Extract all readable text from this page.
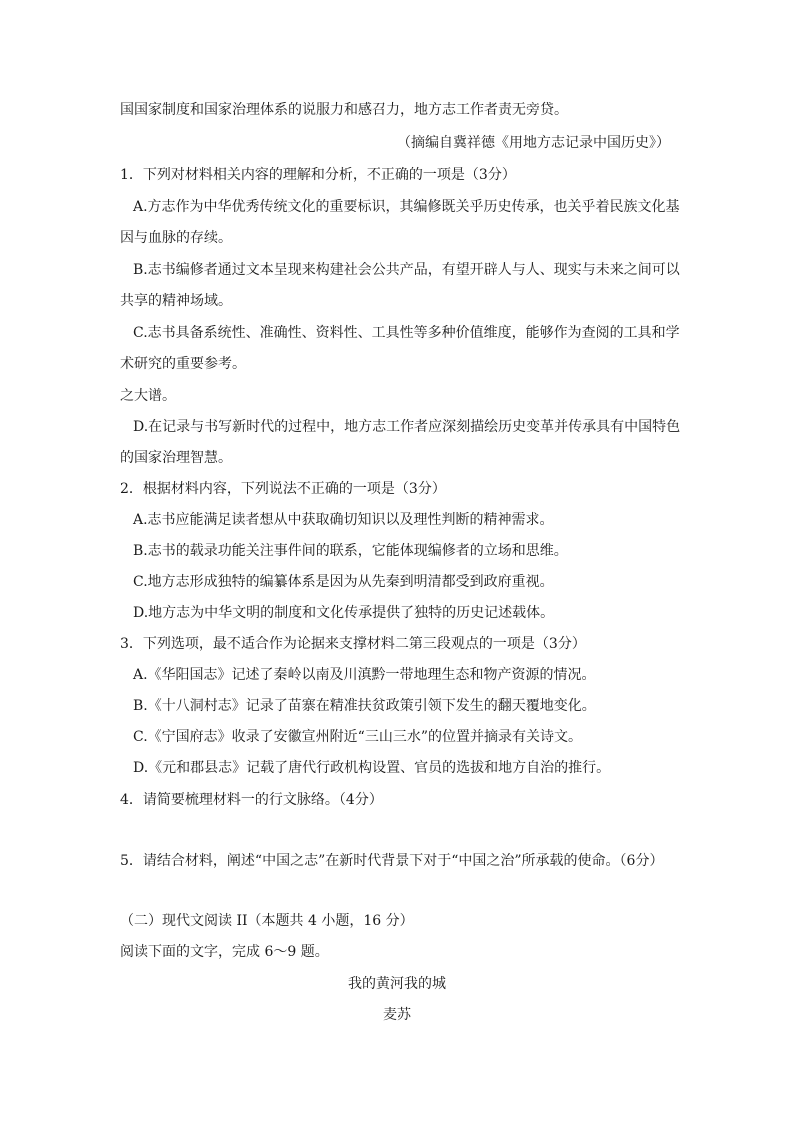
国国家制度和国家治理体系的说服力和感召力，地方志工作者责无旁贷。
（摘编自冀祥德《用地方志记录中国历史》）
1．下列对材料相关内容的理解和分析，不正确的一项是（3分）
A.方志作为中华优秀传统文化的重要标识，其编修既关乎历史传承，也关乎着民族文化基
因与血脉的存续。
B.志书编修者通过文本呈现来构建社会公共产品，有望开辟人与人、现实与未来之间可以
共享的精神场域。
C.志书具备系统性、准确性、资料性、工具性等多种价值维度，能够作为查阅的工具和学
术研究的重要参考。
之大谱。
D.在记录与书写新时代的过程中，地方志工作者应深刻描绘历史变革并传承具有中国特色
的国家治理智慧。
2．根据材料内容，下列说法不正确的一项是（3分）
A.志书应能满足读者想从中获取确切知识以及理性判断的精神需求。
B.志书的载录功能关注事件间的联系，它能体现编修者的立场和思维。
C.地方志形成独特的编纂体系是因为从先秦到明清都受到政府重视。
D.地方志为中华文明的制度和文化传承提供了独特的历史记述载体。
3．下列选项，最不适合作为论据来支撑材料二第三段观点的一项是（3分）
A.《华阳国志》记述了秦岭以南及川滇黔一带地理生态和物产资源的情况。
B.《十八洞村志》记录了苗寨在精准扶贫政策引领下发生的翻天覆地变化。
C.《宁国府志》收录了安徽宣州附近“三山三水”的位置并摘录有关诗文。
D.《元和郡县志》记载了唐代行政机构设置、官员的选拔和地方自治的推行。
4．请简要梳理材料一的行文脉络。（4分）
5．请结合材料，阐述“中国之志”在新时代背景下对于“中国之治”所承载的使命。（6分）
（二）现代文阅读 II（本题共 4 小题，16 分）
阅读下面的文字，完成 6～9 题。
我的黄河我的城
麦苏
